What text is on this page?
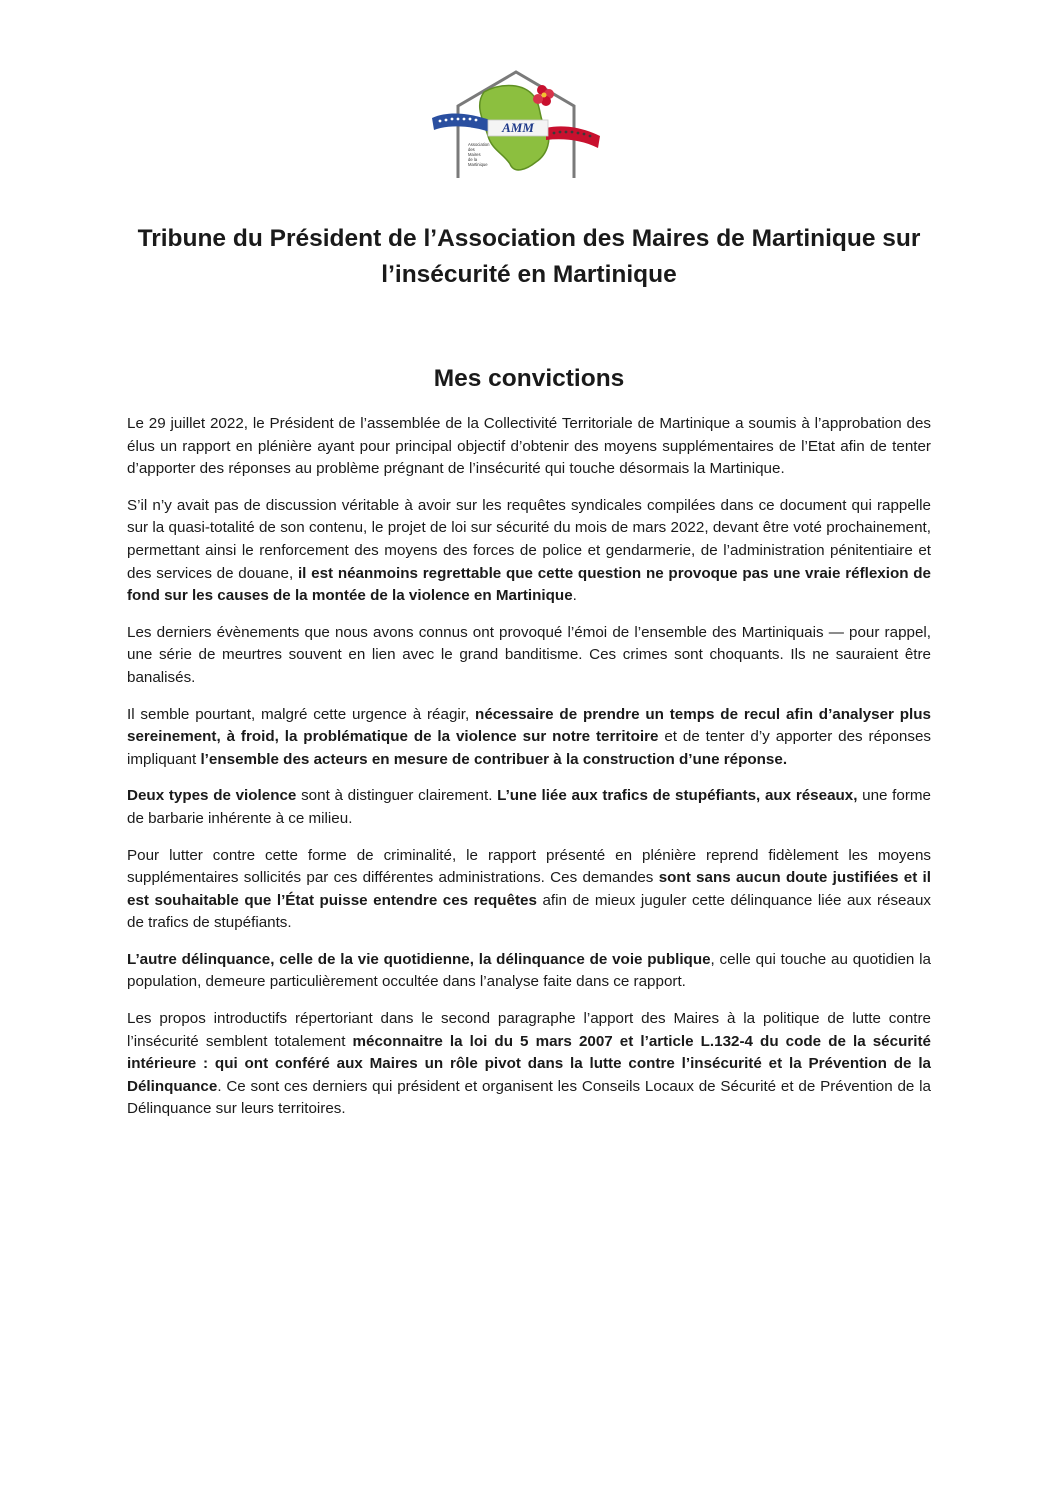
AMM
Association des Maires de la Martinique
Tribune du Président de l’Association des Maires de Martinique sur l’insécurité en Martinique
Mes convictions

Le 29 juillet 2022, le Président de l’assemblée de la Collectivité Territoriale de Martinique a soumis à l’approbation des élus un rapport en plénière ayant pour principal objectif d’obtenir des moyens supplémentaires de l’Etat afin de tenter d’apporter des réponses au problème prégnant de l’insécurité qui touche désormais la Martinique.

S’il n’y avait pas de discussion véritable à avoir sur les requêtes syndicales compilées dans ce document qui rappelle sur la quasi-totalité de son contenu, le projet de loi sur sécurité du mois de mars 2022, devant être voté prochainement, permettant ainsi le renforcement des moyens des forces de police et gendarmerie, de l’administration pénitentiaire et des services de douane, il est néanmoins regrettable que cette question ne provoque pas une vraie réflexion de fond sur les causes de la montée de la violence en Martinique.

Les derniers évènements que nous avons connus ont provoqué l’émoi de l’ensemble des Martiniquais — pour rappel, une série de meurtres souvent en lien avec le grand banditisme. Ces crimes sont choquants. Ils ne sauraient être banalisés.

Il semble pourtant, malgré cette urgence à réagir, nécessaire de prendre un temps de recul afin d’analyser plus sereinement, à froid, la problématique de la violence sur notre territoire et de tenter d’y apporter des réponses impliquant l’ensemble des acteurs en mesure de contribuer à la construction d’une réponse.

Deux types de violence sont à distinguer clairement. L’une liée aux trafics de stupéfiants, aux réseaux, une forme de barbarie inhérente à ce milieu.

Pour lutter contre cette forme de criminalité, le rapport présenté en plénière reprend fidèlement les moyens supplémentaires sollicités par ces différentes administrations. Ces demandes sont sans aucun doute justifiées et il est souhaitable que l’État puisse entendre ces requêtes afin de mieux juguler cette délinquance liée aux réseaux de trafics de stupéfiants.

L’autre délinquance, celle de la vie quotidienne, la délinquance de voie publique, celle qui touche au quotidien la population, demeure particulièrement occultée dans l’analyse faite dans ce rapport.

Les propos introductifs répertoriant dans le second paragraphe l’apport des Maires à la politique de lutte contre l’insécurité semblent totalement méconnaitre la loi du 5 mars 2007 et l’article L.132-4 du code de la sécurité intérieure : qui ont conféré aux Maires un rôle pivot dans la lutte contre l’insécurité et la Prévention de la Délinquance. Ce sont ces derniers qui président et organisent les Conseils Locaux de Sécurité et de Prévention de la Délinquance sur leurs territoires.
